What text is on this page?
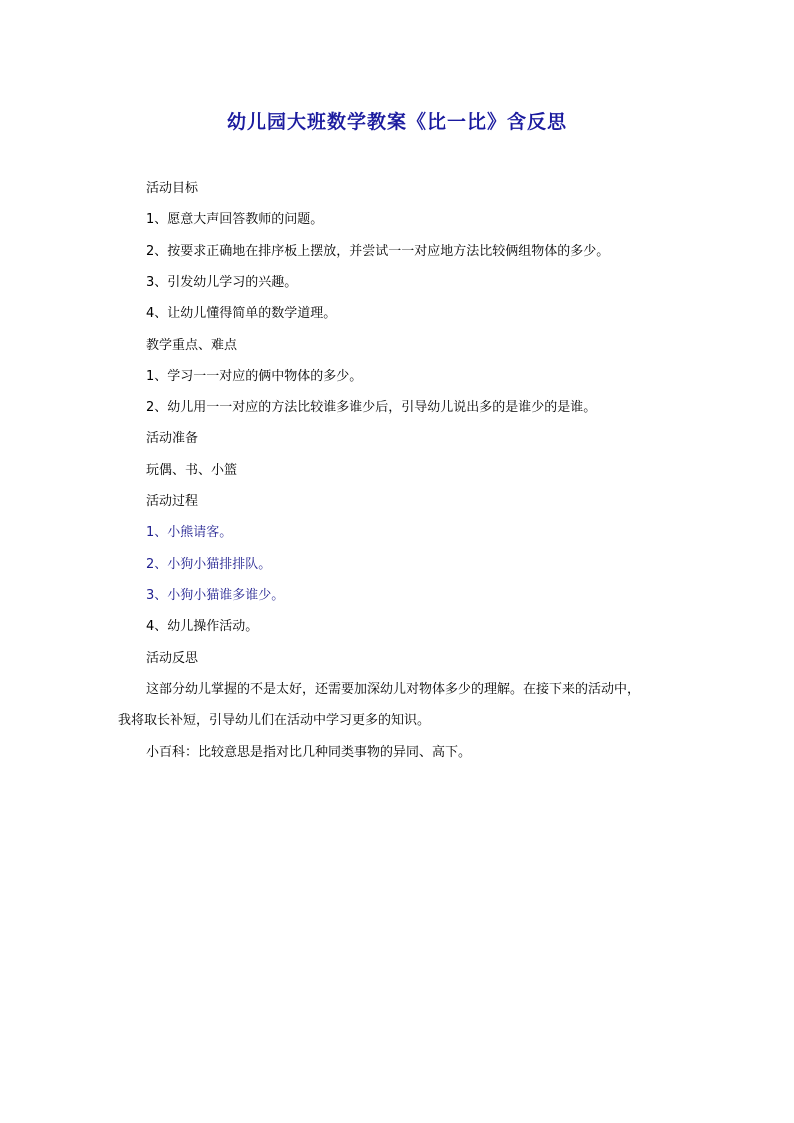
幼儿园大班数学教案《比一比》含反思
活动目标
1、愿意大声回答教师的问题。
2、按要求正确地在排序板上摆放，并尝试一一对应地方法比较俩组物体的多少。
3、引发幼儿学习的兴趣。
4、让幼儿懂得简单的数学道理。
教学重点、难点
1、学习一一对应的俩中物体的多少。
2、幼儿用一一对应的方法比较谁多谁少后，引导幼儿说出多的是谁少的是谁。
活动准备
玩偶、书、小篮
活动过程
1、小熊请客。
2、小狗小猫排排队。
3、小狗小猫谁多谁少。
4、幼儿操作活动。
活动反思
这部分幼儿掌握的不是太好，还需要加深幼儿对物体多少的理解。在接下来的活动中，
我将取长补短，引导幼儿们在活动中学习更多的知识。
小百科：比较意思是指对比几种同类事物的异同、高下。
